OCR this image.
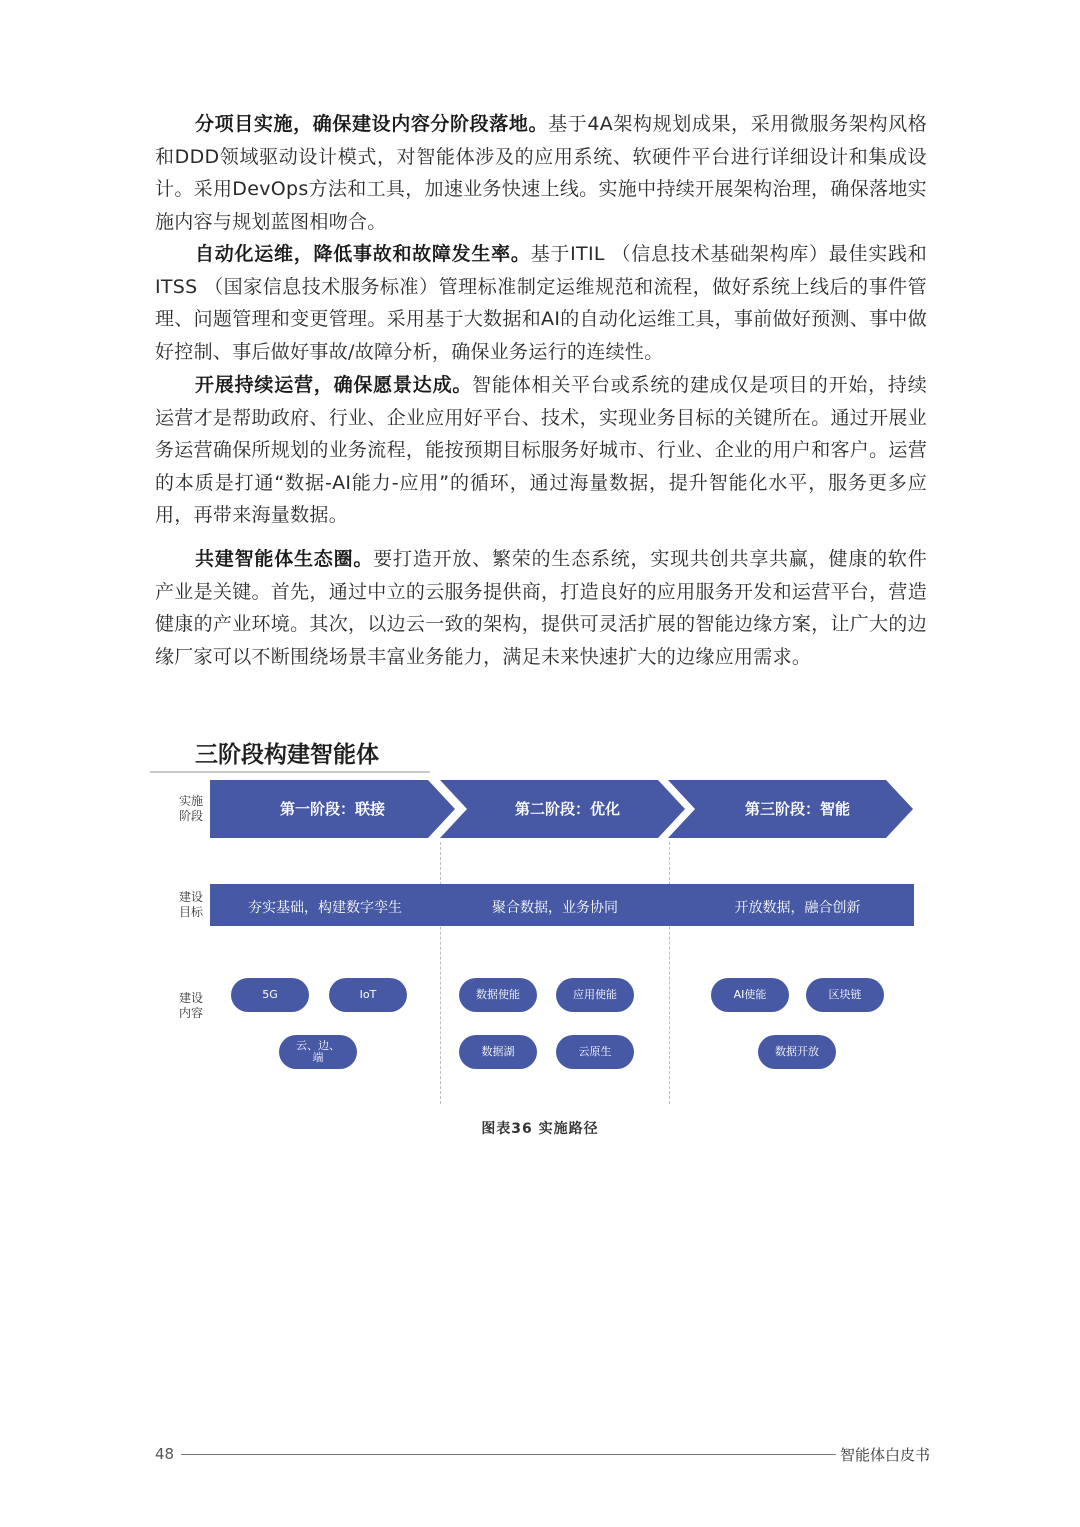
分项目实施，确保建设内容分阶段落地。基于4A架构规划成果，采用微服务架构风格和DDD领域驱动设计模式，对智能体涉及的应用系统、软硬件平台进行详细设计和集成设计。采用DevOps方法和工具，加速业务快速上线。实施中持续开展架构治理，确保落地实施内容与规划蓝图相吻合。

自动化运维，降低事故和故障发生率。基于ITIL （信息技术基础架构库）最佳实践和 ITSS （国家信息技术服务标准）管理标准制定运维规范和流程，做好系统上线后的事件管理、问题管理和变更管理。采用基于大数据和AI的自动化运维工具，事前做好预测、事中做好控制、事后做好事故/故障分析，确保业务运行的连续性。

开展持续运营，确保愿景达成。智能体相关平台或系统的建成仅是项目的开始，持续运营才是帮助政府、行业、企业应用好平台、技术，实现业务目标的关键所在。通过开展业务运营确保所规划的业务流程，能按预期目标服务好城市、行业、企业的用户和客户。运营的本质是打通“数据-AI能力-应用”的循环，通过海量数据，提升智能化水平，服务更多应用，再带来海量数据。

共建智能体生态圈。要打造开放、繁荣的生态系统，实现共创共享共赢，健康的软件产业是关键。首先，通过中立的云服务提供商，打造良好的应用服务开发和运营平台，营造健康的产业环境。其次，以边云一致的架构，提供可灵活扩展的智能边缘方案，让广大的边缘厂家可以不断围绕场景丰富业务能力，满足未来快速扩大的边缘应用需求。

三阶段构建智能体
实施
阶段
建设
目标
建设
内容
第一阶段：联接	第二阶段：优化	第三阶段：智能
夯实基础，构建数字孪生	聚合数据，业务协同	开放数据，融合创新
5G	IoT
云、边、
端
数据使能	应用使能
数据湖	云原生
AI使能	区块链
数据开放
图表36 实施路径
48	智能体白皮书
